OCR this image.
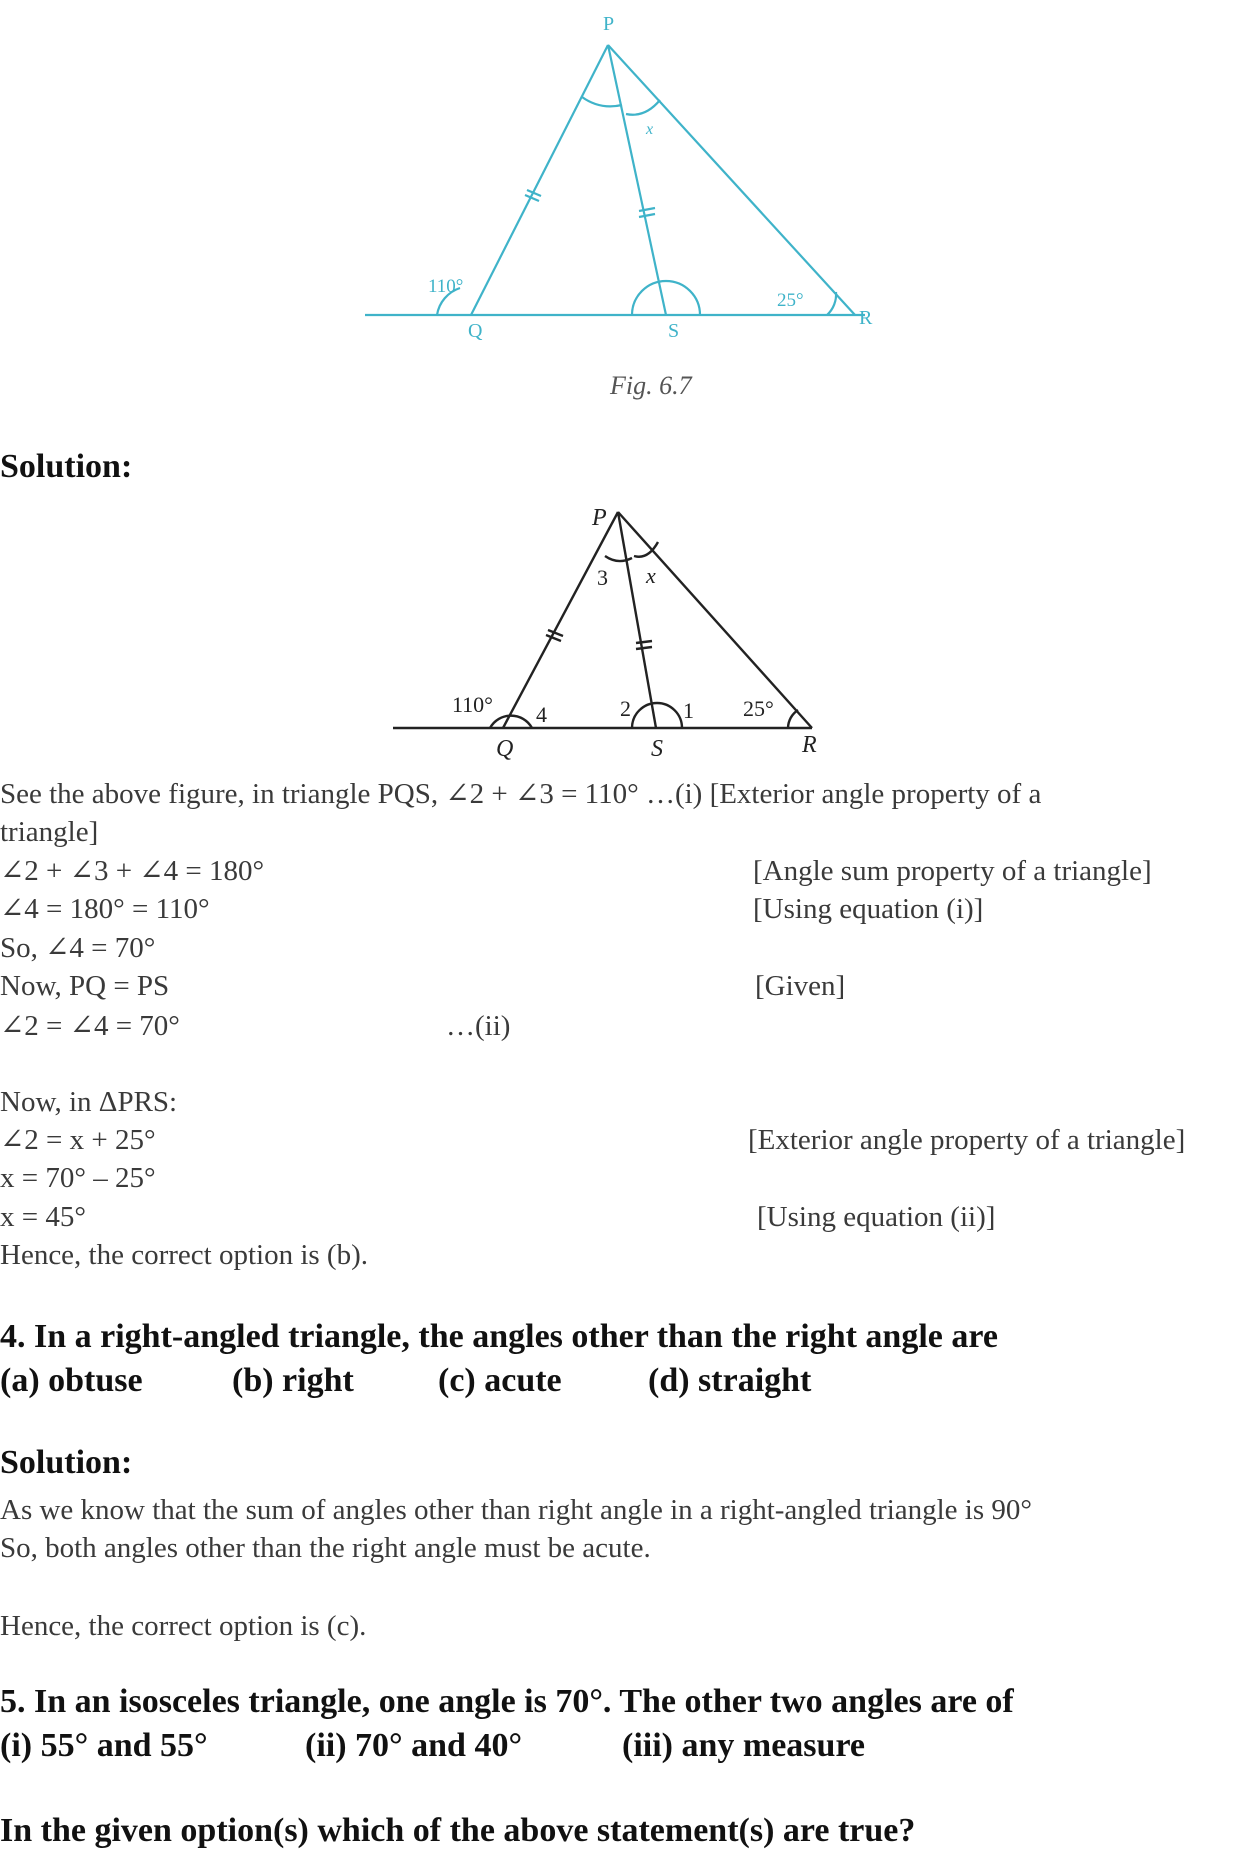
P
Q	S
R
x
110°
25°
Fig. 6.7
Solution:
P
Q	S	R
x
3
4	2 1
110°	25°
See the above figure, in triangle PQS, ∠2 + ∠3 = 110° …(i) [Exterior angle property of a
triangle]
∠2 + ∠3 + ∠4 = 180°	[Angle sum property of a triangle]
∠4 = 180° = 110°	[Using equation (i)]
So, ∠4 = 70°
Now, PQ = PS	[Given]
∠2 = ∠4 = 70°	…(ii)
Now, in ΔPRS:
∠2 = x + 25°	[Exterior angle property of a triangle]
x = 70° – 25°
x = 45°	[Using equation (ii)]
Hence, the correct option is (b).
4. In a right-angled triangle, the angles other than the right angle are
(a) obtuse	(b) right (c) acute	(d) straight
Solution:
As we know that the sum of angles other than right angle in a right-angled triangle is 90°
So, both angles other than the right angle must be acute.
Hence, the correct option is (c).
5. In an isosceles triangle, one angle is 70°. The other two angles are of
(i) 55° and 55°	(ii) 70° and 40°	(iii) any measure
In the given option(s) which of the above statement(s) are true?
